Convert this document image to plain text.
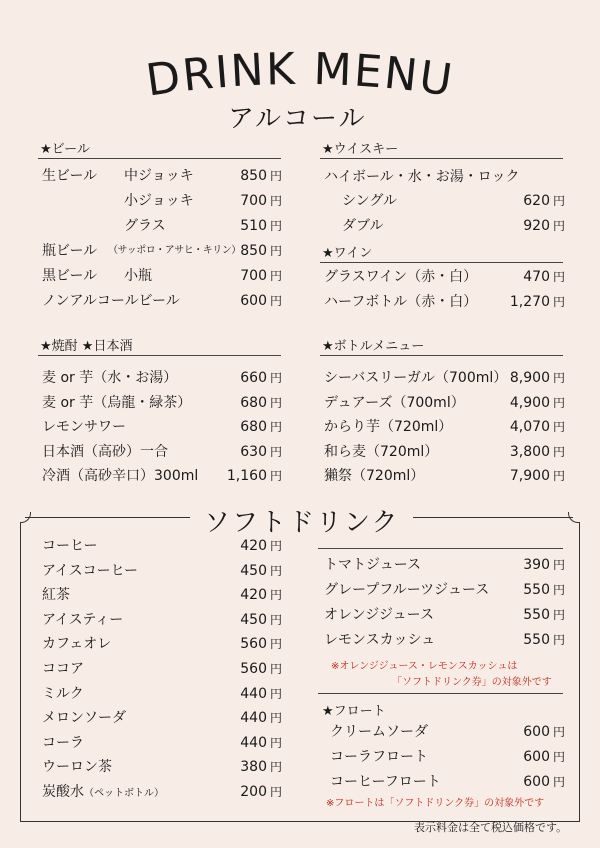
DRINK MENU
アルコール
★ビール
生ビール 中ジョッキ	850 円
小ジョッキ	700 円
グラス	510 円
瓶ビール （サッポロ・アサヒ・キリン） 850 円
黒ビール 小瓶	700 円
ノンアルコールビール	600 円
★焼酎 ★日本酒
麦 or 芋（水・お湯）	660 円
麦 or 芋（烏龍・緑茶）	680 円
レモンサワー	680 円
日本酒（高砂）一合	630 円
冷酒（高砂辛口）300ml 1,160 円
★ウイスキー
ハイボール・水・お湯・ロック
シングル	620 円
ダブル	920 円
★ワイン
グラスワイン（赤・白）	470 円
ハーフボトル（赤・白） 1,270 円
★ボトルメニュー
シーバスリーガル（700ml） 8,900 円
デュアーズ（700ml）	4,900 円
からり芋（720ml）	4,070 円
和ら麦（720ml）	3,800 円
獺祭（720ml）	7,900 円
ソフトドリンク
コーヒー	420 円
アイスコーヒー	450 円
紅茶	420 円
アイスティー	450 円
カフェオレ	560 円
ココア	560 円
ミルク	440 円
メロンソーダ	440 円
コーラ	440 円
ウーロン茶	380 円
炭酸水（ペットボトル）	200 円
トマトジュース	390 円
グレープフルーツジュース 550 円
オレンジジュース	550 円
レモンスカッシュ	550 円
※オレンジジュース・レモンスカッシュは
「ソフトドリンク券」の対象外です
★フロート
クリームソーダ	600 円
コーラフロート	600 円
コーヒーフロート	600 円
※フロートは「ソフトドリンク券」の対象外です
表示料金は全て税込価格です。
